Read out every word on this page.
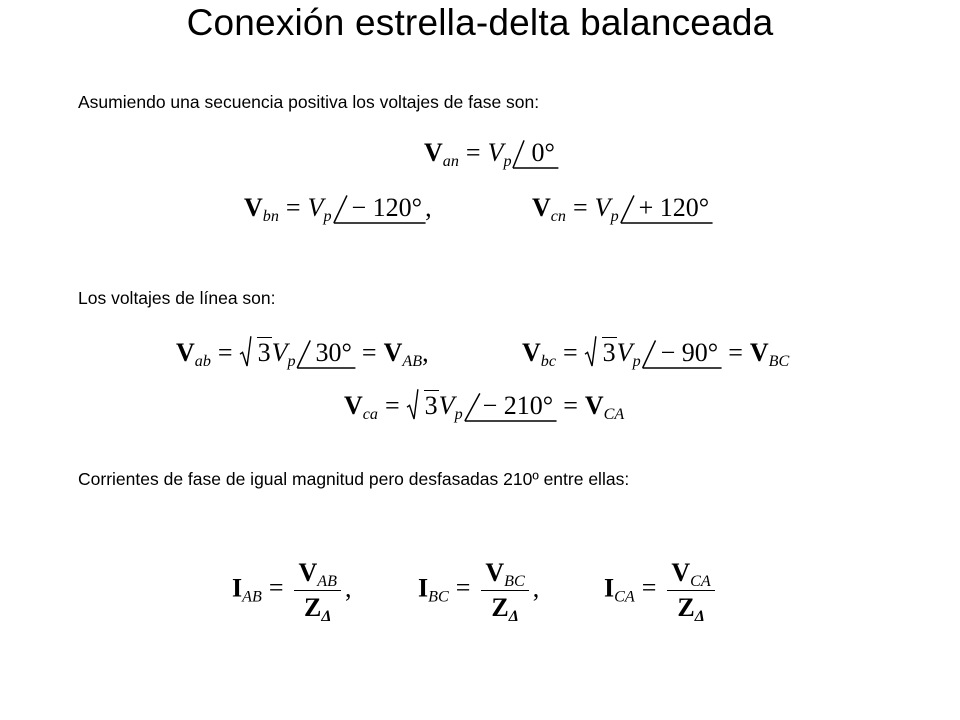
Conexión estrella-delta balanceada
Asumiendo una secuencia positiva los voltajes de fase son:
$V_{an} = V_p$ 0°
$V_{bn} = V_p - 120^\circ$ ,	$V_{cn} = V_p + 120^\circ$
Los voltajes de línea son:
$V_{ab} = 3V_p$ $30^\circ = V_{AB}$,	$V_{bc} = 3V_p - 90^\circ = V_{BC}$
$V_{ca} = 3V_p - 210^\circ = V_{CA}$
Corrientes de fase de igual magnitud pero desfasadas 210º entre ellas:
$I_{AB} = \frac{V_{AB}}{Z_\Delta}$ ,	$I_{BC} = \frac{V_{BC}}{Z_\Delta}$ , $I_{CA} = \frac{V_{CA}}{Z_\Delta}$
